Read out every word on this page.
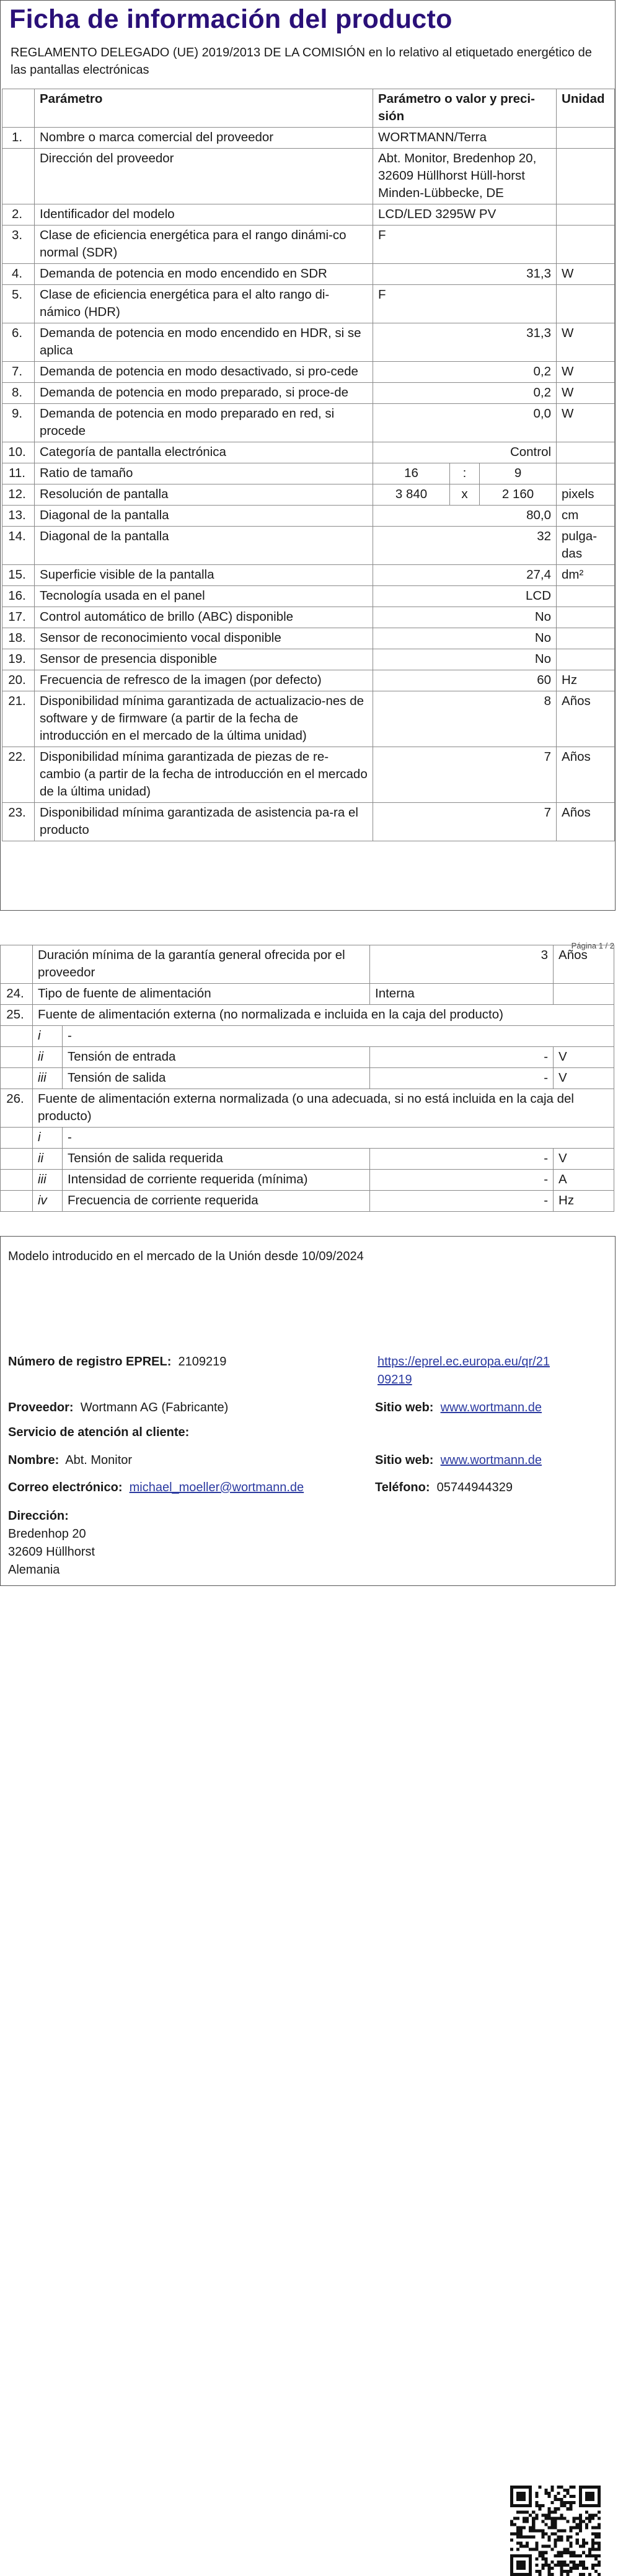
Ficha de información del producto
REGLAMENTO DELEGADO (UE) 2019/2013 DE LA COMISIÓN en lo relativo al etiquetado energético de las pantallas electrónicas
	Parámetro	Parámetro o valor y preci-sión			Unidad
1.	Nombre o marca comercial del proveedor	WORTMANN/Terra			
	Dirección del proveedor	Abt. Monitor, Bredenhop 20, 32609 Hüllhorst Hüll-horst Minden-Lübbecke, DE			
2.	Identificador del modelo	LCD/LED 3295W PV			
3.	Clase de eficiencia energética para el rango dinámi-co normal (SDR)	F			
4.	Demanda de potencia en modo encendido en SDR	31,3			W
5.	Clase de eficiencia energética para el alto rango di-námico (HDR)	F			
6.	Demanda de potencia en modo encendido en HDR, si se aplica	31,3			W
7.	Demanda de potencia en modo desactivado, si pro-cede	0,2			W
8.	Demanda de potencia en modo preparado, si proce-de	0,2			W
9.	Demanda de potencia en modo preparado en red, si procede	0,0			W
10.	Categoría de pantalla electrónica	Control			
11.	Ratio de tamaño	16	:	9	
12.	Resolución de pantalla	3 840	x	2 160	pixels
13.	Diagonal de la pantalla	80,0			cm
14.	Diagonal de la pantalla	32			pulga-das
15.	Superficie visible de la pantalla	27,4			dm²
16.	Tecnología usada en el panel	LCD			
17.	Control automático de brillo (ABC) disponible	No			
18.	Sensor de reconocimiento vocal disponible	No			
19.	Sensor de presencia disponible	No			
20.	Frecuencia de refresco de la imagen (por defecto)	60			Hz
21.	Disponibilidad mínima garantizada de actualizacio-nes de software y de firmware (a partir de la fecha de introducción en el mercado de la última unidad)	8			Años
22.	Disponibilidad mínima garantizada de piezas de re-cambio (a partir de la fecha de introducción en el mercado de la última unidad)	7			Años
23.	Disponibilidad mínima garantizada de asistencia pa-ra el producto	7			Años
Página 1 / 2
	Duración mínima de la garantía general ofrecida por el proveedor		3	Años
24.	Tipo de fuente de alimentación		Interna	
25.	Fuente de alimentación externa (no normalizada e incluida en la caja del producto)			
	i	-		
	ii	Tensión de entrada	-	V
	iii	Tensión de salida	-	V
26.	Fuente de alimentación externa normalizada (o una adecuada, si no está incluida en la caja del producto)			
	i	-		
	ii	Tensión de salida requerida	-	V
	iii	Intensidad de corriente requerida (mínima)	-	A
	iv	Frecuencia de corriente requerida	-	Hz
Modelo introducido en el mercado de la Unión desde 10/09/2024
Número de registro EPREL: 2109219	https://eprel.ec.europa.eu/qr/21
09219
Proveedor: Wortmann AG (Fabricante)	Sitio web: www.wortmann.de
Servicio de atención al cliente:
Nombre: Abt. Monitor	Sitio web: www.wortmann.de
Correo electrónico: michael_moeller@wortmann.de	Teléfono: 05744944329
Dirección:
Bredenhop 20
32609 Hüllhorst
Alemania
